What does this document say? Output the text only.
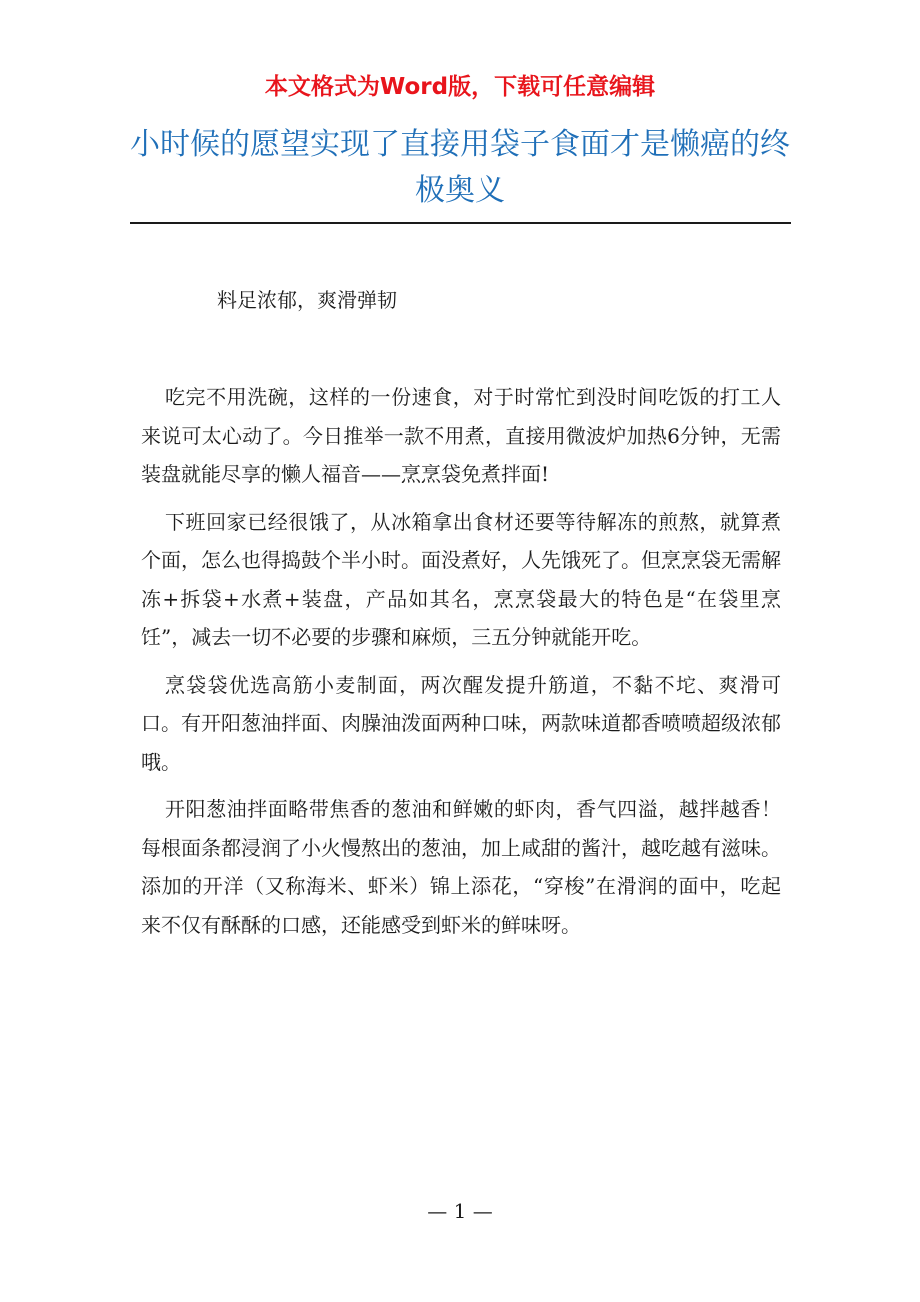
本文格式为Word版，下载可任意编辑
小时候的愿望实现了直接用袋子食面才是懒癌的终极奥义
料足浓郁，爽滑弹韧

吃完不用洗碗，这样的一份速食，对于时常忙到没时间吃饭的打工人来说可太心动了。今日推举一款不用煮，直接用微波炉加热6分钟，无需装盘就能尽享的懒人福音——烹烹袋免煮拌面!

下班回家已经很饿了，从冰箱拿出食材还要等待解冻的煎熬，就算煮个面，怎么也得捣鼓个半小时。面没煮好，人先饿死了。但烹烹袋无需解冻+拆袋+水煮+装盘，产品如其名，烹烹袋最大的特色是“在袋里烹饪”，减去一切不必要的步骤和麻烦，三五分钟就能开吃。

烹袋袋优选高筋小麦制面，两次醒发提升筋道，不黏不坨、爽滑可口。有开阳葱油拌面、肉臊油泼面两种口味，两款味道都香喷喷超级浓郁哦。

开阳葱油拌面略带焦香的葱油和鲜嫩的虾肉，香气四溢，越拌越香！每根面条都浸润了小火慢熬出的葱油，加上咸甜的酱汁，越吃越有滋味。添加的开洋（又称海米、虾米）锦上添花，“穿梭”在滑润的面中，吃起来不仅有酥酥的口感，还能感受到虾米的鲜味呀。

— 1 —
